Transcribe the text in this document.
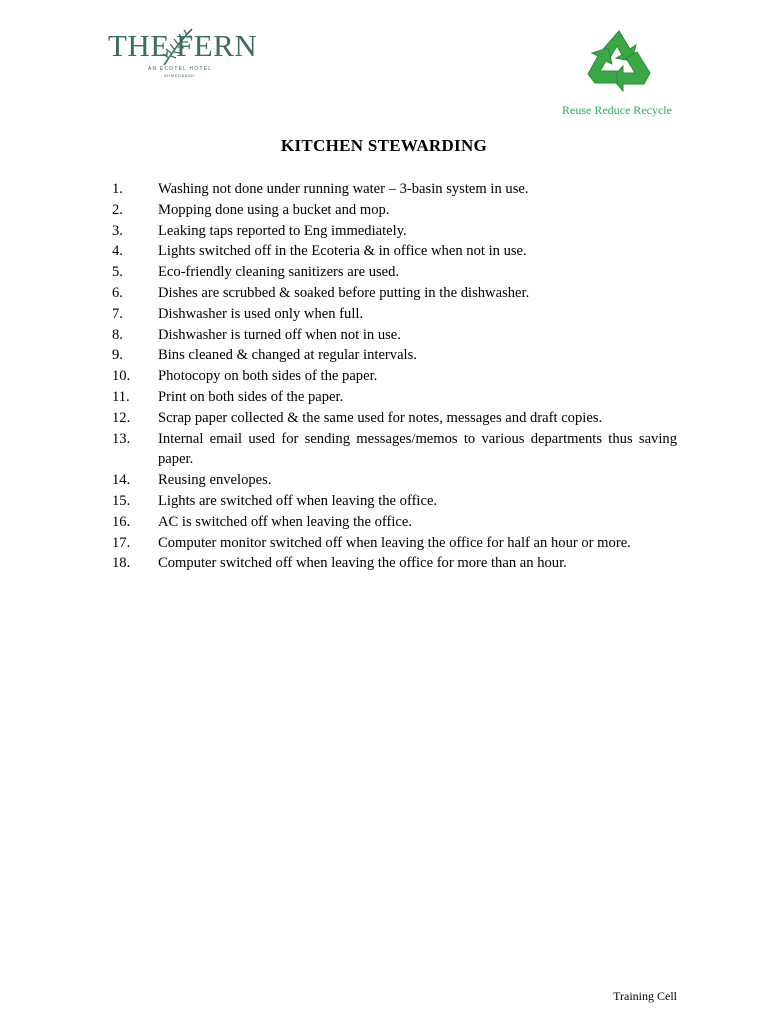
THE FERN
AN ECOTEL HOTEL
AHMEDABAD
Reuse Reduce Recycle
KITCHEN STEWARDING
1.	Washing not done under running water – 3-basin system in use.
2.	Mopping done using a bucket and mop.
3.	Leaking taps reported to Eng immediately.
4.	Lights switched off in the Ecoteria & in office when not in use.
5.	Eco-friendly cleaning sanitizers are used.
6.	Dishes are scrubbed & soaked before putting in the dishwasher.
7.	Dishwasher is used only when full.
8.	Dishwasher is turned off when not in use.
9.	Bins cleaned & changed at regular intervals.
10.	Photocopy on both sides of the paper.
11.	Print on both sides of the paper.
12.	Scrap paper collected & the same used for notes, messages and draft copies.
13.	Internal email used for sending messages/memos to various departments thus saving paper.
14.	Reusing envelopes.
15.	Lights are switched off when leaving the office.
16.	AC is switched off when leaving the office.
17.	Computer monitor switched off when leaving the office for half an hour or more.
18.	Computer switched off when leaving the office for more than an hour.
Training Cell
